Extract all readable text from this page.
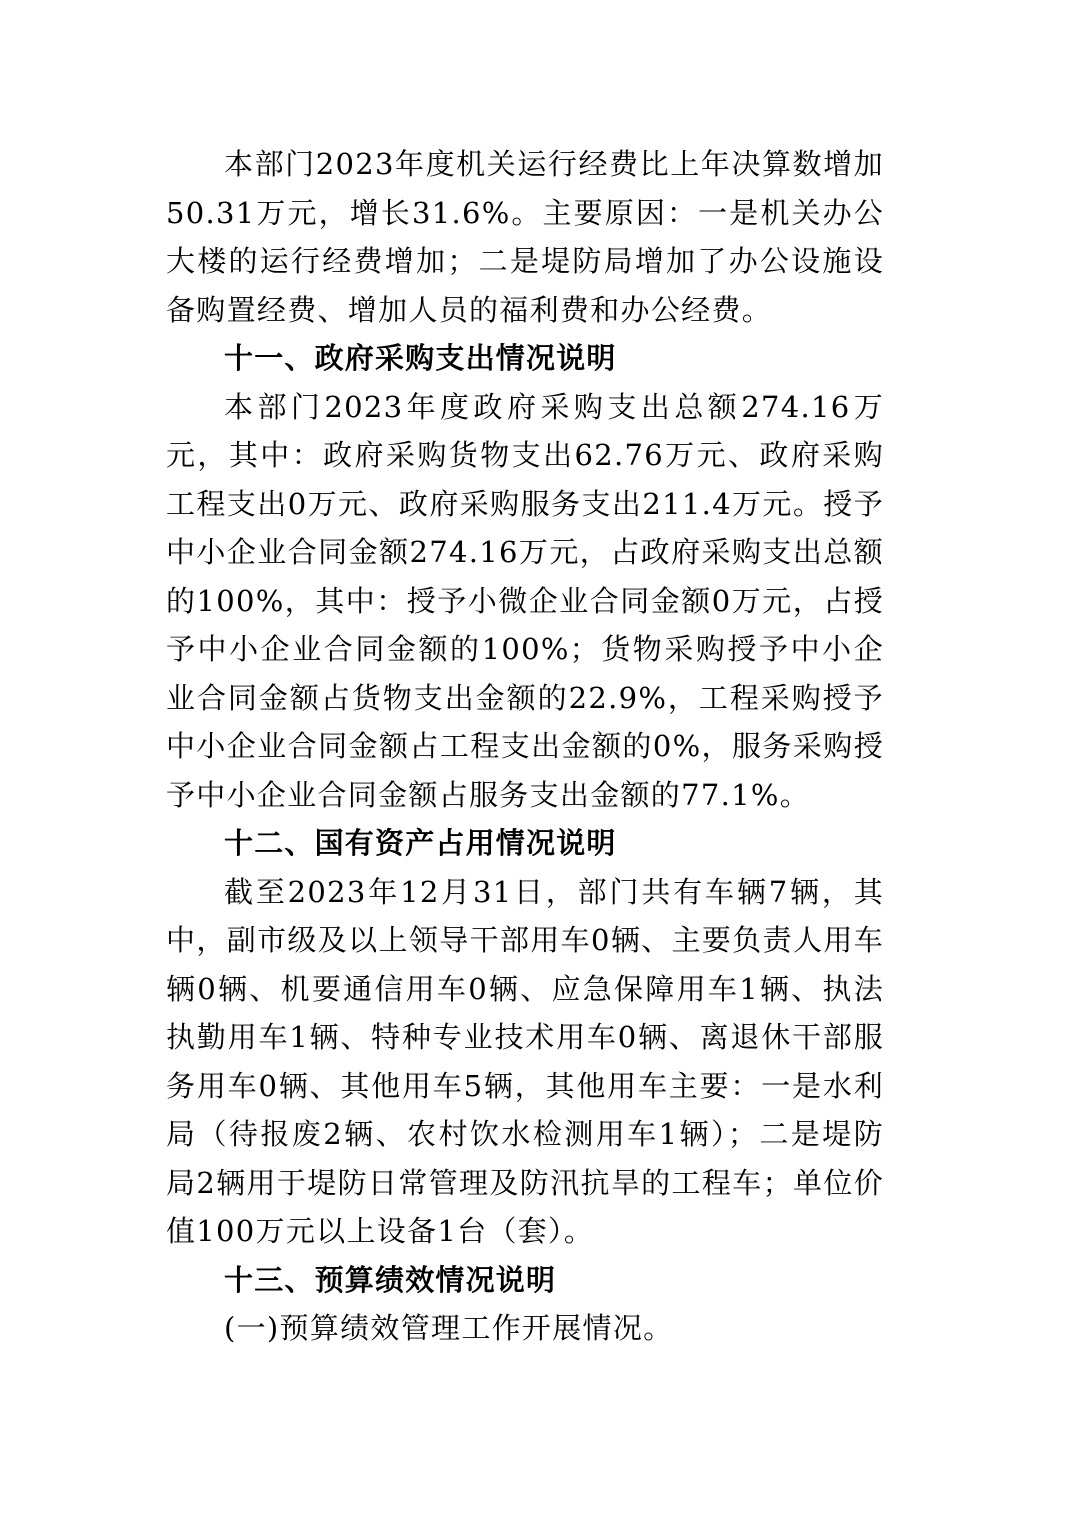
本部门2023年度机关运行经费比上年决算数增加50.31万元，增长31.6%。主要原因：一是机关办公大楼的运行经费增加；二是堤防局增加了办公设施设备购置经费、增加人员的福利费和办公经费。

十一、政府采购支出情况说明

本部门2023年度政府采购支出总额274.16万元，其中：政府采购货物支出62.76万元、政府采购工程支出0万元、政府采购服务支出211.4万元。授予中小企业合同金额274.16万元，占政府采购支出总额的100%，其中：授予小微企业合同金额0万元，占授予中小企业合同金额的100%；货物采购授予中小企业合同金额占货物支出金额的22.9%，工程采购授予中小企业合同金额占工程支出金额的0%，服务采购授予中小企业合同金额占服务支出金额的77.1%。

十二、国有资产占用情况说明

截至2023年12月31日，部门共有车辆7辆，其中，副市级及以上领导干部用车0辆、主要负责人用车辆0辆、机要通信用车0辆、应急保障用车1辆、执法执勤用车1辆、特种专业技术用车0辆、离退休干部服务用车0辆、其他用车5辆，其他用车主要：一是水利局（待报废2辆、农村饮水检测用车1辆）；二是堤防局2辆用于堤防日常管理及防汛抗旱的工程车；单位价值100万元以上设备1台（套）。

十三、预算绩效情况说明

(一)预算绩效管理工作开展情况。
